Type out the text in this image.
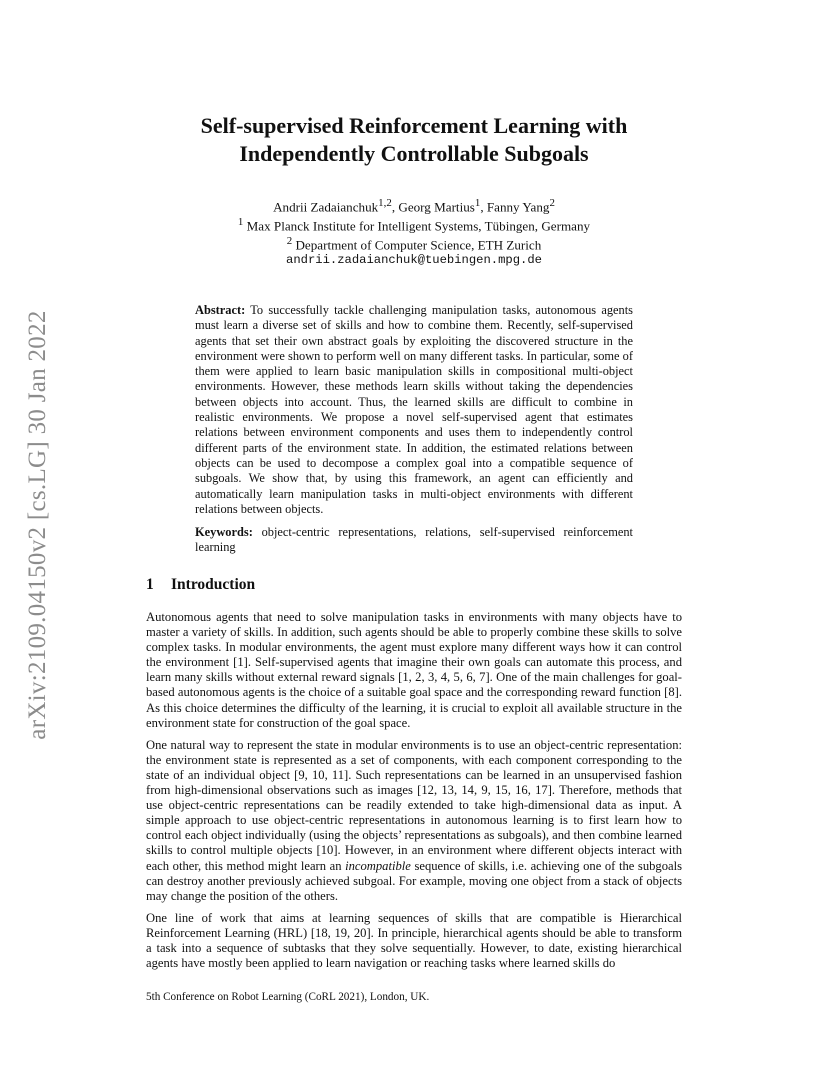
arXiv:2109.04150v2 [cs.LG] 30 Jan 2022
Self-supervised Reinforcement Learning with
Independently Controllable Subgoals
Andrii Zadaianchuk$^{1,2}$, Georg Martius$^1$, Fanny Yang$^2$
$^1$ Max Planck Institute for Intelligent Systems, Tübingen, Germany
$^2$ Department of Computer Science, ETH Zurich
andrii.zadaianchuk@tuebingen.mpg.de
Abstract: To successfully tackle challenging manipulation tasks, autonomous agents must learn a diverse set of skills and how to combine them. Recently, self-supervised agents that set their own abstract goals by exploiting the discovered structure in the environment were shown to perform well on many different tasks. In particular, some of them were applied to learn basic manipulation skills in compositional multi-object environments. However, these methods learn skills without taking the dependencies between objects into account. Thus, the learned skills are difficult to combine in realistic environments. We propose a novel self-supervised agent that estimates relations between environment components and uses them to independently control different parts of the environment state. In addition, the estimated relations between objects can be used to decompose a complex goal into a compatible sequence of subgoals. We show that, by using this framework, an agent can efficiently and automatically learn manipulation tasks in multi-object environments with different relations between objects.
Keywords: object-centric representations, relations, self-supervised reinforcement learning
1 Introduction

Autonomous agents that need to solve manipulation tasks in environments with many objects have to master a variety of skills. In addition, such agents should be able to properly combine these skills to solve complex tasks. In modular environments, the agent must explore many different ways how it can control the environment [1]. Self-supervised agents that imagine their own goals can automate this process, and learn many skills without external reward signals [1, 2, 3, 4, 5, 6, 7]. One of the main challenges for goal-based autonomous agents is the choice of a suitable goal space and the corresponding reward function [8]. As this choice determines the difficulty of the learning, it is crucial to exploit all available structure in the environment state for construction of the goal space.

One natural way to represent the state in modular environments is to use an object-centric representation: the environment state is represented as a set of components, with each component corresponding to the state of an individual object [9, 10, 11]. Such representations can be learned in an unsupervised fashion from high-dimensional observations such as images [12, 13, 14, 9, 15, 16, 17]. Therefore, methods that use object-centric representations can be readily extended to take high-dimensional data as input. A simple approach to use object-centric representations in autonomous learning is to first learn how to control each object individually (using the objects’ representations as subgoals), and then combine learned skills to control multiple objects [10]. However, in an environment where different objects interact with each other, this method might learn an incompatible sequence of skills, i.e. achieving one of the subgoals can destroy another previously achieved subgoal. For example, moving one object from a stack of objects may change the position of the others.

One line of work that aims at learning sequences of skills that are compatible is Hierarchical Reinforcement Learning (HRL) [18, 19, 20]. In principle, hierarchical agents should be able to transform a task into a sequence of subtasks that they solve sequentially. However, to date, existing hierarchical agents have mostly been applied to learn navigation or reaching tasks where learned skills do

5th Conference on Robot Learning (CoRL 2021), London, UK.
